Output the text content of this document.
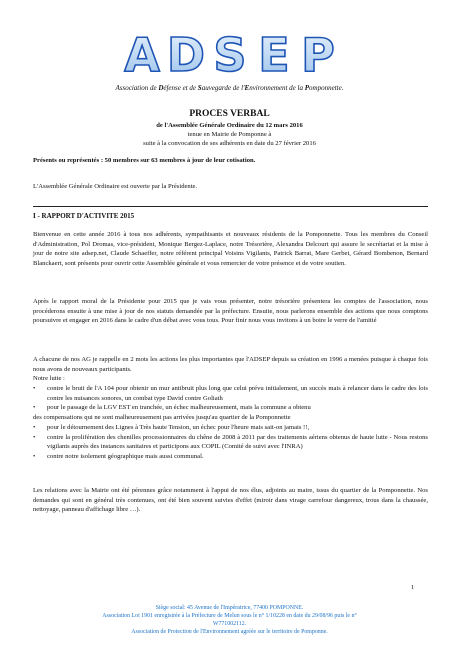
A D S E P
Association de Défense et de Sauvegarde de l'Environnement de la Pomponnette.
PROCES VERBAL
de l'Assemblée Générale Ordinaire du 12 mars 2016
tenue en Mairie de Pomponne à
suite à la convocation de ses adhérents en date du 27 février 2016

Présents ou représentés : 50 membres sur 63 membres à jour de leur cotisation.

L'Assemblée Générale Ordinaire est ouverte par la Présidente.

I - RAPPORT D'ACTIVITE 2015

Bienvenue en cette année 2016 à tous nos adhérents, sympathisants et nouveaux résidents de la Pomponnette. Tous les membres du Conseil d'Administration, Pol Dromas, vice-président, Monique Bergez-Laplace, notre Trésorière, Alexandra Delcourt qui assure le secrétariat et la mise à jour de notre site adsep.net, Claude Schaeffer, notre référent principal Voisins Vigilants, Patrick Barrat, Mare Gerbet, Gérard Bombenon, Bernard Blanckaert, sont présents pour ouvrir cette Assemblée générale et vous remercier de votre présence et de votre soutien.

Après le rapport moral de la Présidente pour 2015 que je vais vous présenter, notre trésorière présentera les comptes de l'association, nous procéderons ensuite à une mise à jour de nos statuts demandée par la préfecture. Ensuite, nous parlerons ensemble des actions que nous comptons poursuivre et engager en 2016 dans le cadre d'un débat avec vous tous. Pour finir nous vous invitons à un boire le verre de l'amitié

A chacune de nos AG je rappelle en 2 mots les actions les plus importantes que l'ADSEP depuis sa création en 1996 a menées puisque à chaque fois nous avons de nouveaux participants.

Notre lutte :

•	contre le bruit de l'A 104 pour obtenir un mur antibruit plus long que celui prévu initialement, un succès mais à relancer dans le cadre des lois contre les nuisances sonores, un combat type David contre Goliath
•	pour le passage de la LGV EST en tranchée, un échec malheureusement, mais la commune a obtenu
des compensations qui ne sont malheureusement pas arrivées jusqu'au quartier de la Pomponnette
•	pour le détournement des Lignes à Très haute Tension, un échec pour l'heure mais sait-on jamais !!,
•	contre la prolifération des chenilles processionnaires du chêne de 2008 à 2011 par des traitements aériens obtenus de haute lutte - Nous restons vigilants auprès des instances sanitaires et participons aux COPIL (Comité de suivi avec l'INRA)
•	contre notre isolement géographique mais aussi communal.

Les relations avec la Mairie ont été pérennes grâce notamment à l'appui de nos élus, adjoints au maire, issus du quartier de la Pomponnette. Nos demandes qui sont en général très contenues, ont été bien souvent suivies d'effet (miroir dans virage carrefour dangereux, trous dans la chaussée, nettoyage, panneau d'affichage libre …).

1
Siège social: 45 Avenue de l'Impératrice, 77400 POMPONNE.
Association Loi 1901 enregistrée à la Préfecture de Melun sous le n° 1/10228 en date du 29/08/96 puis le n°
W771002112.
Association de Protection de l'Environnement agréée sur le territoire de Pomponne.
